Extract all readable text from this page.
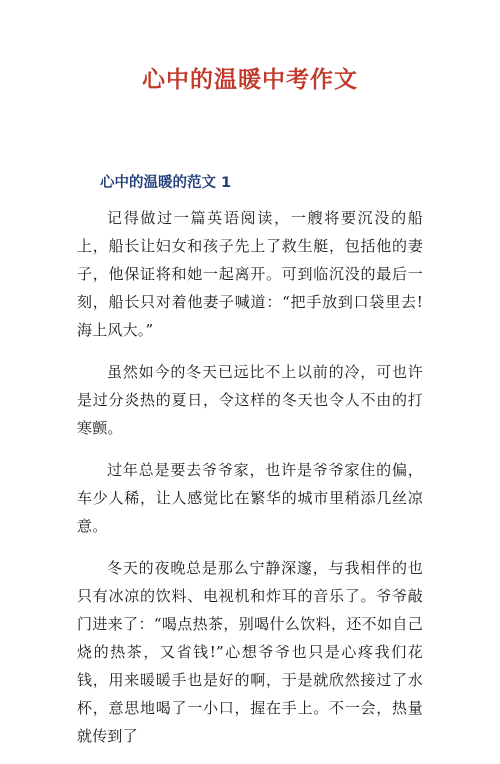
心中的温暖中考作文
心中的温暖的范文 1

记得做过一篇英语阅读，一艘将要沉没的船上，船长让妇女和孩子先上了救生艇，包括他的妻子，他保证将和她一起离开。可到临沉没的最后一刻，船长只对着他妻子喊道：“把手放到口袋里去!海上风大。”

虽然如今的冬天已远比不上以前的冷，可也许是过分炎热的夏日，令这样的冬天也令人不由的打寒颤。

过年总是要去爷爷家，也许是爷爷家住的偏，车少人稀，让人感觉比在繁华的城市里稍添几丝凉意。

冬天的夜晚总是那么宁静深邃，与我相伴的也只有冰凉的饮料、电视机和炸耳的音乐了。爷爷敲门进来了：“喝点热茶，别喝什么饮料，还不如自己烧的热茶，又省钱!”心想爷爷也只是心疼我们花钱，用来暖暖手也是好的啊，于是就欣然接过了水杯，意思地喝了一小口，握在手上。不一会，热量就传到了
